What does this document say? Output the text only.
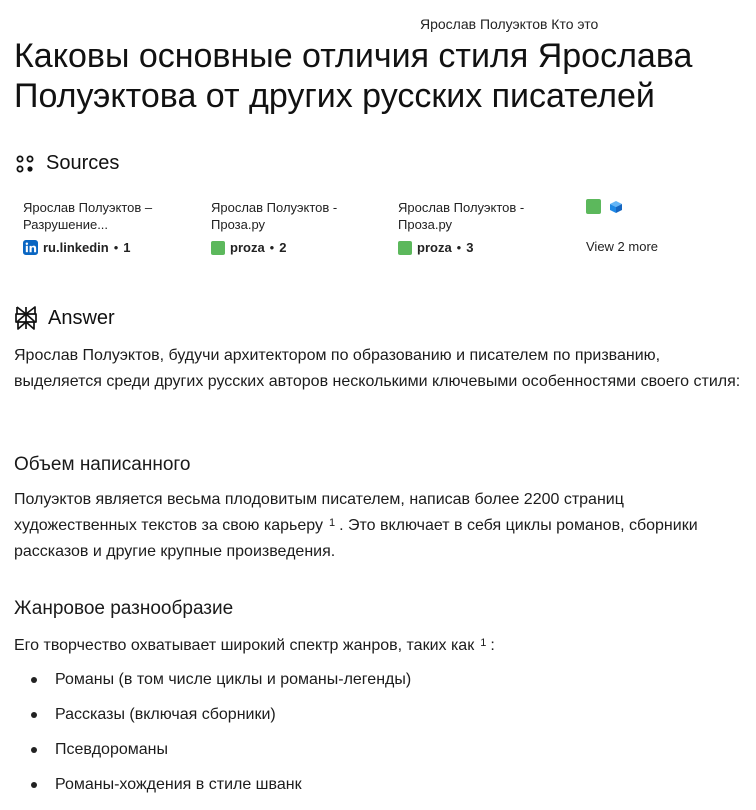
Ярослав Полуэктов Кто это
Каковы основные отличия стиля Ярослава Полуэктова от других русских писателей
Sources
Ярослав Полуэктов – Разрушение...
ru.linkedin • 1
Ярослав Полуэктов - Проза.ру
proza • 2
Ярослав Полуэктов - Проза.ру
proza • 3	View 2 more
Answer

Ярослав Полуэктов, будучи архитектором по образованию и писателем по призванию, выделяется среди других русских авторов несколькими ключевыми особенностями своего стиля:

Объем написанного

Полуэктов является весьма плодовитым писателем, написав более 2200 страниц художественных текстов за свою карьеру $^1$ . Это включает в себя циклы романов, сборники рассказов и другие крупные произведения.

Жанровое разнообразие

Его творчество охватывает широкий спектр жанров, таких как $^1$ :

Романы (в том числе циклы и романы-легенды)
Рассказы (включая сборники)
Псевдороманы
Романы-хождения в стиле шванк
